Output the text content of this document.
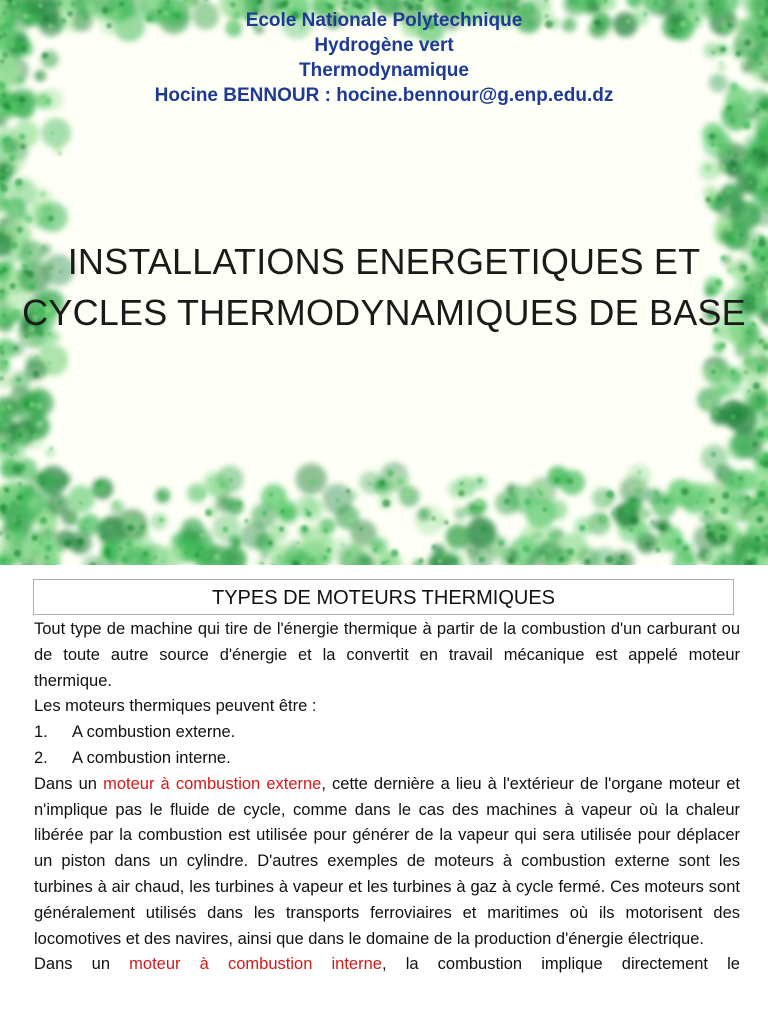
Ecole Nationale Polytechnique
Hydrogène vert
Thermodynamique
Hocine BENNOUR : hocine.bennour@g.enp.edu.dz
INSTALLATIONS ENERGETIQUES ET
CYCLES THERMODYNAMIQUES DE BASE
TYPES DE MOTEURS THERMIQUES

Tout type de machine qui tire de l'énergie thermique à partir de la combustion d'un carburant ou de toute autre source d'énergie et la convertit en travail mécanique est appelé moteur thermique.

Les moteurs thermiques peuvent être :

1. A combustion externe.

2. A combustion interne.

Dans un moteur à combustion externe, cette dernière a lieu à l'extérieur de l'organe moteur et n'implique pas le fluide de cycle, comme dans le cas des machines à vapeur où la chaleur libérée par la combustion est utilisée pour générer de la vapeur qui sera utilisée pour déplacer un piston dans un cylindre. D'autres exemples de moteurs à combustion externe sont les turbines à air chaud, les turbines à vapeur et les turbines à gaz à cycle fermé. Ces moteurs sont généralement utilisés dans les transports ferroviaires et maritimes où ils motorisent des locomotives et des navires, ainsi que dans le domaine de la production d'énergie électrique.

Dans un moteur à combustion interne, la combustion implique directement le
